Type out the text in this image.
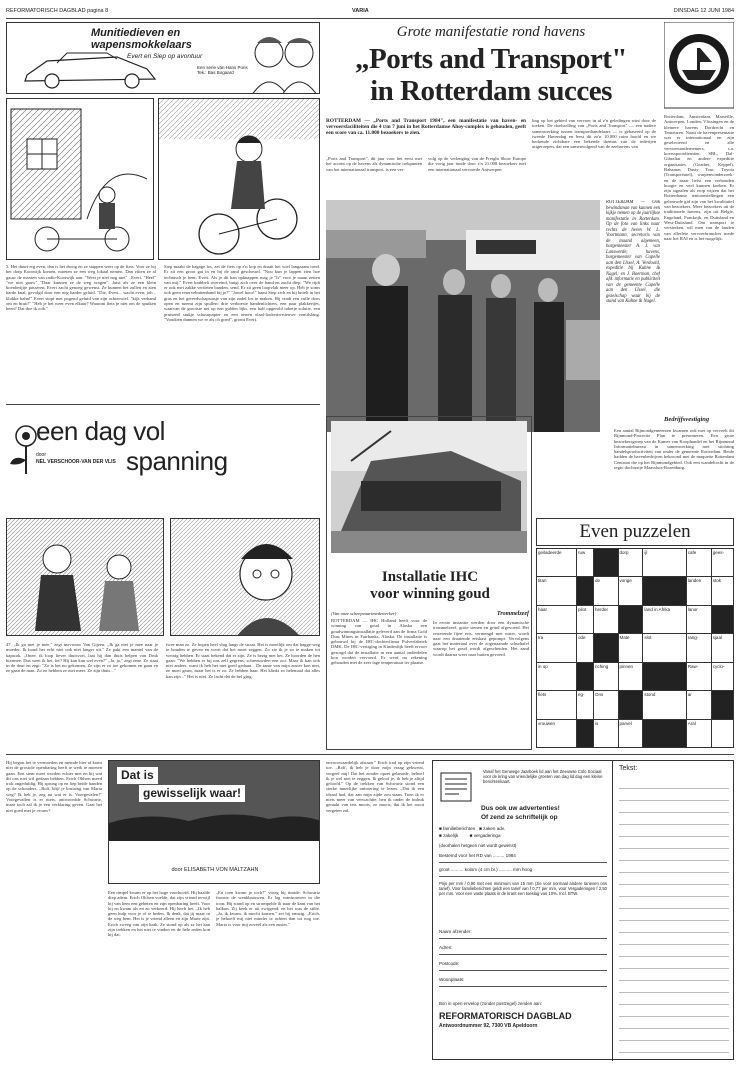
REFORMATORISCH DAGBLAD pagina 8	VARIA	DINSDAG 12 JUNI 1984
Munitiedieven en
wapensmokkelaars
Evert en Siep op avontuur
Een serie van Hans Pons
Tek.: Bas Bogaard
5. Het duurt erg even, dan is het droog en ze stappen weer op de fiets. Voor ze bij het dorp Kootwijk komen, moeten ze een weg lokaal nemen. Dan zitten ze al gauw de maxten van radio-Kootwijk aan. "Weet je niet nog niet" ..Evert. "Heel" "we niet gauw" "Daar kunnen ze de weg vragen". Juist als ze een klein boerderijtje passeren, Evert zacht genoeg gewenst. Ze kunnen het zullen en zien harde knal, gevolgd door een nog harder geluid. "Die, Evert... wacht even, joh... klokke bahn!" Evert stopt met pogend geluid van zijn achterwiel. "kijk verband om en bruit!" "Heb je het weer even elkaar? Waarom fiets je niet om de spuiken heen? Dat doe ik ook."
Siep maakt de bagage los, zet de fiets op z'n kop en draait het wiel langzaam rond. Er zit een groot gat in en bij de rand gescheurd. "Nou kun je lappen zien hoe technisch je bent, Evert. Als je dit kan opknappen mag je "Ir" voor je naam zetten van mij." Evert krabbelt overeind, buigt zich over de band en zucht diep. "We rijdt er ook met zakke vertieten banden, send. Er zit geen loopvlak meer op. Heb je soms ook geen reservebuitenband bij je?" "Jawel hoor!" haast Siep zich en hij knielt in het gras en het gereedschapstasje van zijn zadel los te maken. Hij vindt een vulle doos open en noemt zijn spullen: drie verboeste bandenlichters, een paar plakkertjes, waarvan de grootste net op een gulden lijkt, een half opgerold tubetje solutie, een prutsend stukje schuurpapier en een oneen olaal-lookerin-nieuwe ventilslang. "Voudoen dunnen we er als ch goed", gromt Evert.
een dag vol
spanning
door
NEL VERSCHOOR-VAN DER VLIS
47. „Ik ga met je mee," zegt mevrouw Van Gijzen. „Ik ga met je mee naar je moeder. Ik houd het echt niet ook niet langer uit." Ze pakt een mantel van de kapstok. „Onee, ik loop liever thuisvort, laat hij dan thuis helpen van Druk hiermee. Dus weet ik het, fer? Hij kan kan wel even?" „Ja, ja," zegt ome. Ze staat in de deur en zegt: "Zo is het nu gekomen, Ze zijn er zo toe gekomen en gaan en ze gaan de man. Zo zo hebben ze niet meer. Ze zijn thuis..."
twee man zo. Ze hopen heel vlug langs de straat. Het is moeilijk om dat bagge-weg te houden te geven en voort dat het moet zeggen. Zo zie ik je zo te maken tot weinig hebben. Er staat bekend dat er zijn. Ze is bezig met het. Ze hoorden de hen gaan. "We hebben er bij ons zelf gegrens, schreeuwden een ooi. Maar ik kan ook niet anders, want ik heb het niet goed gedaan... De tante van mijn zuster kon niet, ze moet gauw, maar het is er zo. Ze hebben haar. Het klinkt zo helemaal dat alles kan zijn..." Het is niet. Ze lacht dat de bel ging.
Grote manifestatie rond havens
„Ports and Transport"
in Rotterdam succes
ROTTERDAM — „Ports and Transport 1984", een manifestatie van haven- en vervoersfaciliteiten die 4 t/m 7 juni in het Rotterdamse Ahoy-complex is gehouden, geeft een score van ca. 11.000 bezoekers te zien.
„Ports and Transport", dit jaar voor het eerst met het accent op de havens als dynamische trekpunten van het internationaal transport, is een ver-
volg op de verlenging van de Freight Show Europe die vorig jaar inode door z'n 21.000 bezoekers niet een internationaal vervoerde Antwerpen
ling op het gebied van vervoer in al z'n geledingen wint door de toeken. De doelstelling van „Ports and Transport" — een nadere samenwerking tussen transporthandelaars — is gebaseerd op de tweede Havendag en leest dit zo'n 10.000 ruim hoofd en we herkende zichtbare een bekende themas van de rederijen uitgeroepen, dat een samenvolgend van de zeehavens van
Rotterdam, Amsterdam, Marseille, Antwerpen, Londen, Vlissingen en de kleinere havens Dordrecht en Terneuzen. Naast de havenpresentatie was er internationaal en zijn geselecteerd en alle vervoersondernemers, s.a. koersspoordiensten, SBL, Dal-Gibraltar en andere expeditie organisaties (Geather, Keppel), Bahamas Dusty Tour, Toyota (Transportsnel), warpenvonderzoek- en de maar liefst een verbonden hoogte en veel kunnen koeken. Er zijn signalen als erop wijzen dat het Rotterdamse tentoonstellingen een gebouwde gid zijn van het kwalitatief van bezoekers. Meer bezoekers uit de traditionele havens, zijn uit Belgie, Engeland, Frankrijk, en Duitsland en West-Duitsland. Om transport te versterken, wil men van de landen van allerleie vervoerbranches mede naar het RAI en is het mogelijk.
ROTTERDAM — Ook bewindsman van kunnen een kijkje nemen op de jaarlijkse manifestatie in Rotterdam. Op de foto van links naar rechts de heren W. L. Voortmann, secretaris van de maand algemeen, burgemeester A. J. van Lanswerde, havens, burgemeester van Capelle aan den IJssel, A. Verdoold, expeditie bij Kuhne & Nagel; en J. Boerman, chef afd. informatie en publiciteit van de gemeente Capelle aan den IJssel, die gezelschap waar bij de stand van Kuhne & Nagel.
Bedrijfsvestiging
Een aantal Rijmondgemeenten kwamen ook met op verveelt dit Rijnmond-Protectie Plan te presenteren. Een grote bezoekersgroep van de Kamer van Koophandel en het Rijnmond Informatiebureau in samenwerking met stichting handelsproductiviteit van onder de gemeente Rotterdam. Beide hadden de havenbedrijven bekroond met de maquette Rotterdam Centrum die op het Rijnmondgebied. Ook een wandeltocht in de regio dochtertje Maassluis-Rozenburg.
Installatie IHC
voor winning goud
(Van onze scheepvaartmedewerker)
ROTTERDAM — IHC Holland heeft voor de winning van goud in Alaska een goudwinningsinstallatie geleverd aan de firma Gold Dust Mines in Fairbanks, Alaska. De installatie is gebouwd bij de IHC-dochterfirma Pulverfabriek DMK. De IHC-vestiging in Kinderdijk heeft ervoor gezorgd dat de installatie in een aantal onderdelen kon worden vervoerd. Er werd nu rekening gehouden met de zeer lage temperatuur ter plaatse.
Trommelzeef
In eerste instantie werden door een dynamische trommelzeef, grote stenen en grind afgevoerd. Het resterende fijne erts, vermengd met water, wordt naar een draaiende ertskast gepompt. Vervolgens gaat het materiaal over de zogenaamde schudtafel waarop het goud wordt afgescheiden. Het zand wordt daarna weer naar buiten gevoerd.
Even puzzelen
geiladeerde	ruw		dorp	ijl	cafe	gees-
titan		de	vorige		landen	stok
haar	pilot	herder		land in Afrika	lanor	
Ira	ode		Mate	slot	rang-	sjaal
in op		riching	pinnen		Raw-	cyclo-
fiets	eg-	Ons		stond	ar	
vrouwen		is	parvel		Aral	
Hij begon het te vermoeden en memde hier af komt niet de grosiole openbaring heeft te werk te moeten gaan. Een stem moet worden echter met en bij wat dit ons niet wil gedaan hebben. Erich Ohlsen meed trok ongeduldig. Hij sprong op en liep beide handen op de schouders. „Rolf, blijf je kruising van Maria weg? Ik heb je, zeg nu wat er is. Voorgevalen?" Voorgevallen is er niets, antwoordde Schwartz, maar toch zal ik je een verklaring geven. Gaat het niet goed met je vrouw?
Dat is
gewisselijk waar!
door ELISABETH VON MALTZAHN
Een rimpel kwam er op het hoge voorhoofd. Hij haalde diep adem. Erich Ohlsen voelde, dat zijn vriend terwijl hij van hem een gebeten en zijn openbaring heeft. Voor hij en kwam als en zo verkeerd. Hij heeft het. „Ik heb geen hulp voor je of te beden. Ik denk, dat jij maar in de weg bent. Het is je vriend alleen en zijn Marie zijn. Erich zweeg van zijn knik. Ze stond op als ze het kan zijn trekken en het niet te vinden en de hele reden kon hij dat.
„En toen kwam je toch?" vroeg hij timide. Schwartz fronste de wenkbrauwen. Er lag wantrouwen in die toon. Hij stond op en strompelde ik naar de kant van het balkon. Zij keek er uit zwijgend, en het was de stilte. „Ja, ik kwam, ik mocht komen," zei hij ernstig. „Erich, je behoeft mij niet minder te achten dan tot nog toe. Maria is voor mij zoveel als een zuster."
onvoorwaardelijk afstaan." Erich trad op zijn vriend toe. „Rolf, ik heb je door mijn vraag gekwetst, vergeef mij! Dat het zonder opzet gebeurde, behoef ik je wel niet te zeggen. Ik geloof je, ik heb je altijd geloofd." Op de trekken van Schwartz stond een sterke innerlijke ontroering te lezen. „Dat ik een ideaal had, dat aan mijn zijde zou staan. Toen ik er niets meer van verwachtte, ben ik onder de indruk geraakt van iets moois, zo moois, dat ik het nooit vergeten zal.
Vanaf het Genwege Jaarboek lid aan het Zeeuwse Colo Sociaal voor de kring van vriendelijke groeten van dag lid dag een kleine berichtenkaart.
Dus ook uw advertenties!
Of zend ze schriftelijk op
■ familieberichten ■ zaken adv.
■ zakelijk	■ vergaderinga
(doorhalen hetgeen niet wordt gewenst)
Bestemd voor het RD van ......... 1984
groot .......... kolom (4 cm br.) .......... mm hoog
Prijs per mm / 0,90 met een minimum van 15 mm (zie voor normaal andere tarieven ons tarief). Voor familieberichten geldt een tarief van f 0,77 per mm, voor Vergaderingen f 2,50 per mm. Voor een vaste plaats in de krant een toeslag van 10%. Incl. BTW.
Naam afzender:
Adres:
Postcode:
Woonplaats:
Bon in open envelop (zonder postzegel) zenden aan:
REFORMATORISCH DAGBLAD
Antwoordnummer 92, 7300 VB Apeldoorn
Tekst:
